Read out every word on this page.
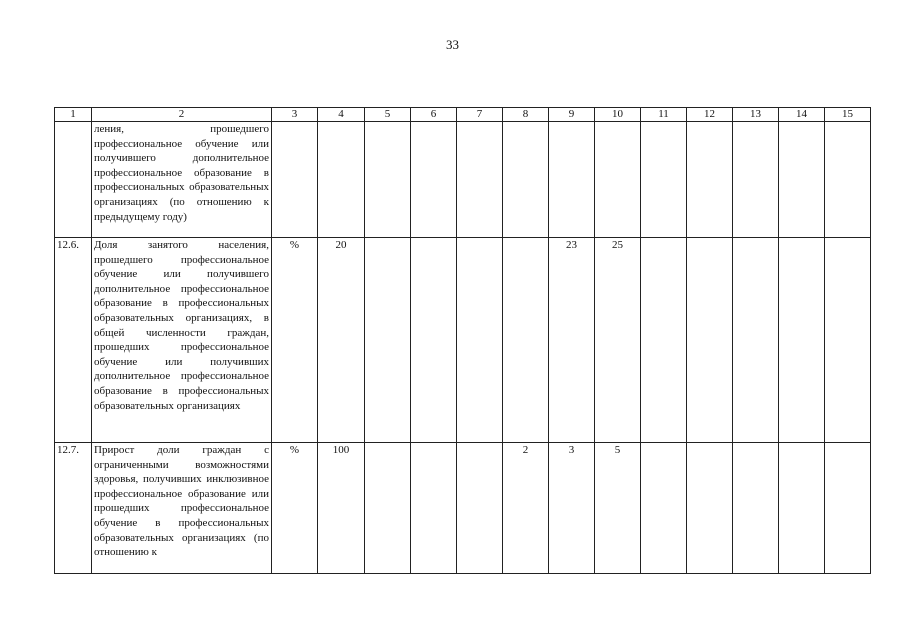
33
1	2	3	4	5	6	7	8	9	10	11	12	13	14	15
	ления, прошедшего профессиональное обучение или получившего дополнительное профессиональное образование в профессиональных образовательных организациях (по отношению к предыдущему году)													
12.6.	Доля занятого населения, прошедшего профессиональное обучение или получившего дополнительное профессиональное образование в профессиональных образовательных организациях, в общей численности граждан, прошедших профессиональное обучение или получивших дополнительное профессиональное образование в профессиональных образовательных организациях	%	20					23	25					
12.7.	Прирост доли граждан с ограниченными возможностями здоровья, получивших инклюзивное профессиональное образование или прошедших профессиональное обучение в профессиональных образовательных организациях (по отношению к	%	100				2	3	5					
